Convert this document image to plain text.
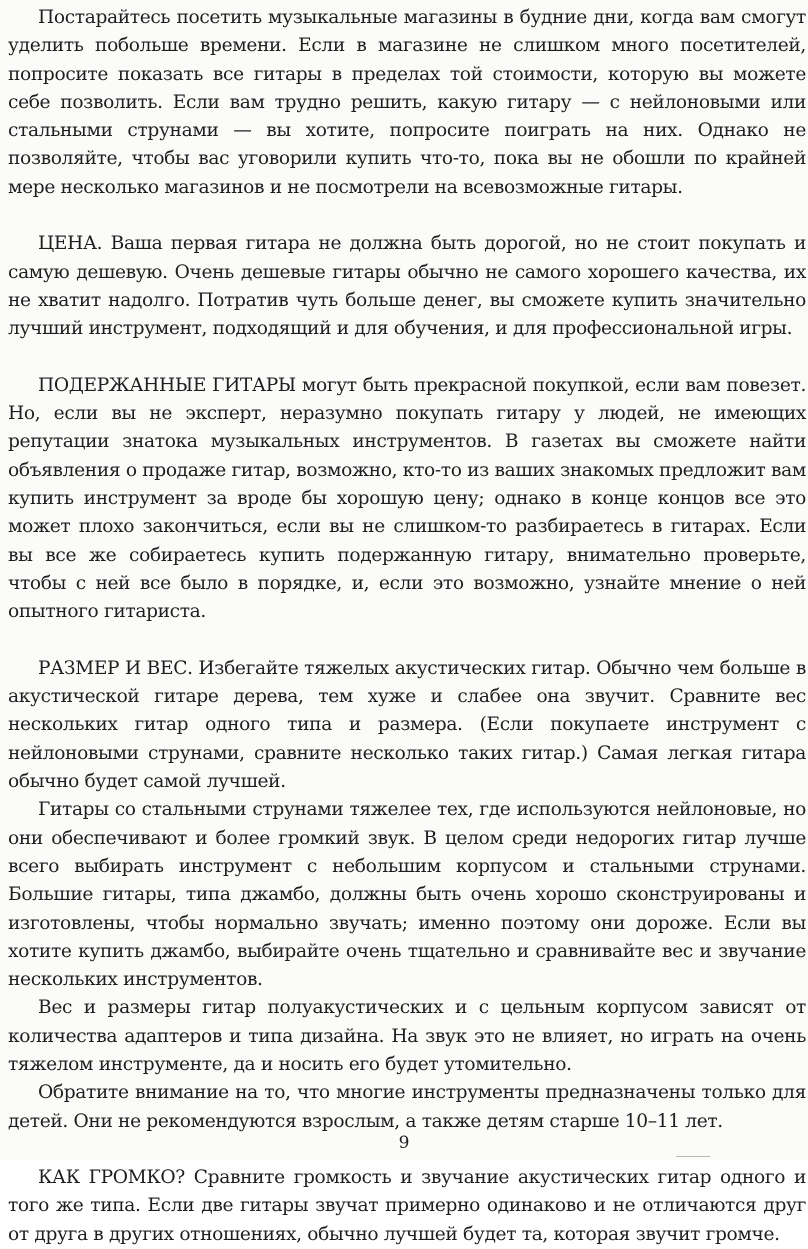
Постарайтесь посетить музыкальные магазины в будние дни, когда вам смогут уделить побольше времени. Если в магазине не слишком много посетителей, попросите показать все гитары в пределах той стоимости, которую вы можете себе позволить. Если вам трудно решить, какую гитару — с нейлоновыми или стальными струнами — вы хотите, попросите поиграть на них. Однако не позволяйте, чтобы вас уговорили купить что-то, пока вы не обошли по крайней мере несколько магазинов и не посмотрели на всевозможные гитары.

ЦЕНА. Ваша первая гитара не должна быть дорогой, но не стоит покупать и самую дешевую. Очень дешевые гитары обычно не самого хорошего качества, их не хватит надолго. Потратив чуть больше денег, вы сможете купить значительно лучший инструмент, подходящий и для обучения, и для профессиональной игры.

ПОДЕРЖАННЫЕ ГИТАРЫ могут быть прекрасной покупкой, если вам повезет. Но, если вы не эксперт, неразумно покупать гитару у людей, не имеющих репутации знатока музыкальных инструментов. В газетах вы сможете найти объявления о продаже гитар, возможно, кто-то из ваших знакомых предложит вам купить инструмент за вроде бы хорошую цену; однако в конце концов все это может плохо закончиться, если вы не слишком-то разбираетесь в гитарах. Если вы все же собираетесь купить подержанную гитару, внимательно проверьте, чтобы с ней все было в порядке, и, если это возможно, узнайте мнение о ней опытного гитариста.

РАЗМЕР И ВЕС. Избегайте тяжелых акустических гитар. Обычно чем больше в акустической гитаре дерева, тем хуже и слабее она звучит. Сравните вес нескольких гитар одного типа и размера. (Если покупаете инструмент с нейлоновыми струнами, сравните несколько таких гитар.) Самая легкая гитара обычно будет самой лучшей.

Гитары со стальными струнами тяжелее тех, где используются нейлоновые, но они обеспечивают и более громкий звук. В целом среди недорогих гитар лучше всего выбирать инструмент с небольшим корпусом и стальными струнами. Большие гитары, типа джамбо, должны быть очень хорошо сконструированы и изготовлены, чтобы нормально звучать; именно поэтому они дороже. Если вы хотите купить джамбо, выбирайте очень тщательно и сравнивайте вес и звучание нескольких инструментов.

Вес и размеры гитар полуакустических и с цельным корпусом зависят от количества адаптеров и типа дизайна. На звук это не влияет, но играть на очень тяжелом инструменте, да и носить его будет утомительно.

Обратите внимание на то, что многие инструменты предназначены только для детей. Они не рекомендуются взрослым, а также детям старше 10–11 лет.

КАК ГРОМКО? Сравните громкость и звучание акустических гитар одного и того же типа. Если две гитары звучат примерно одинаково и не отличаются друг от друга в других отношениях, обычно лучшей будет та, которая звучит громче.

9
